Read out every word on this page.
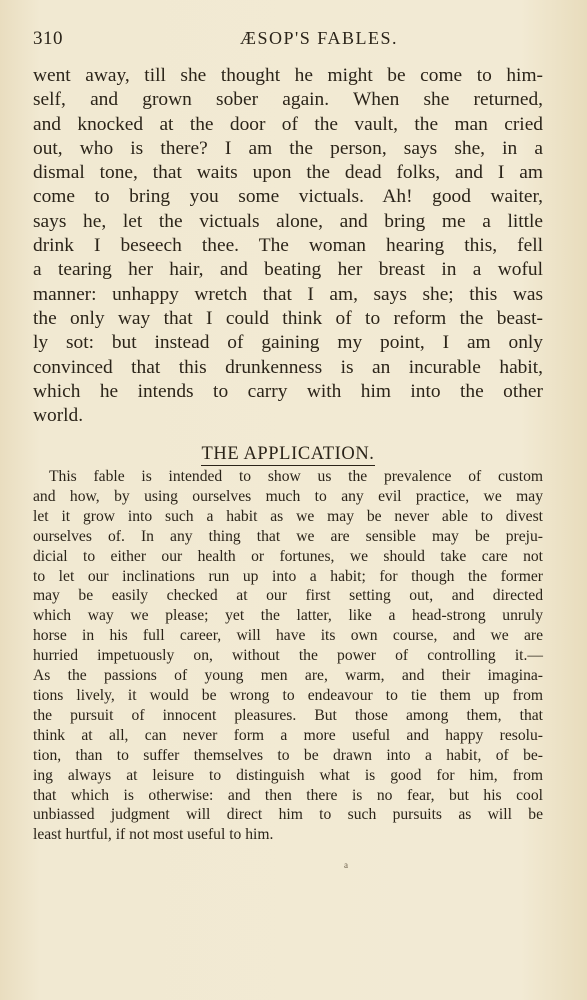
310	ÆSOP'S FABLES.
went away, till she thought he might be come to him-
self, and grown sober again. When she returned,
and knocked at the door of the vault, the man cried
out, who is there? I am the person, says she, in a
dismal tone, that waits upon the dead folks, and I am
come to bring you some victuals. Ah! good waiter,
says he, let the victuals alone, and bring me a little
drink I beseech thee. The woman hearing this, fell
a tearing her hair, and beating her breast in a woful
manner: unhappy wretch that I am, says she; this was
the only way that I could think of to reform the beast-
ly sot: but instead of gaining my point, I am only
convinced that this drunkenness is an incurable habit,
which he intends to carry with him into the other
world.
THE APPLICATION.
This fable is intended to show us the prevalence of custom
and how, by using ourselves much to any evil practice, we may
let it grow into such a habit as we may be never able to divest
ourselves of. In any thing that we are sensible may be preju-
dicial to either our health or fortunes, we should take care not
to let our inclinations run up into a habit; for though the former
may be easily checked at our first setting out, and directed
which way we please; yet the latter, like a head-strong unruly
horse in his full career, will have its own course, and we are
hurried impetuously on, without the power of controlling it.—
As the passions of young men are, warm, and their imagina-
tions lively, it would be wrong to endeavour to tie them up from
the pursuit of innocent pleasures. But those among them, that
think at all, can never form a more useful and happy resolu-
tion, than to suffer themselves to be drawn into a habit, of be-
ing always at leisure to distinguish what is good for him, from
that which is otherwise: and then there is no fear, but his cool
unbiassed judgment will direct him to such pursuits as will be
least hurtful, if not most useful to him.
a
